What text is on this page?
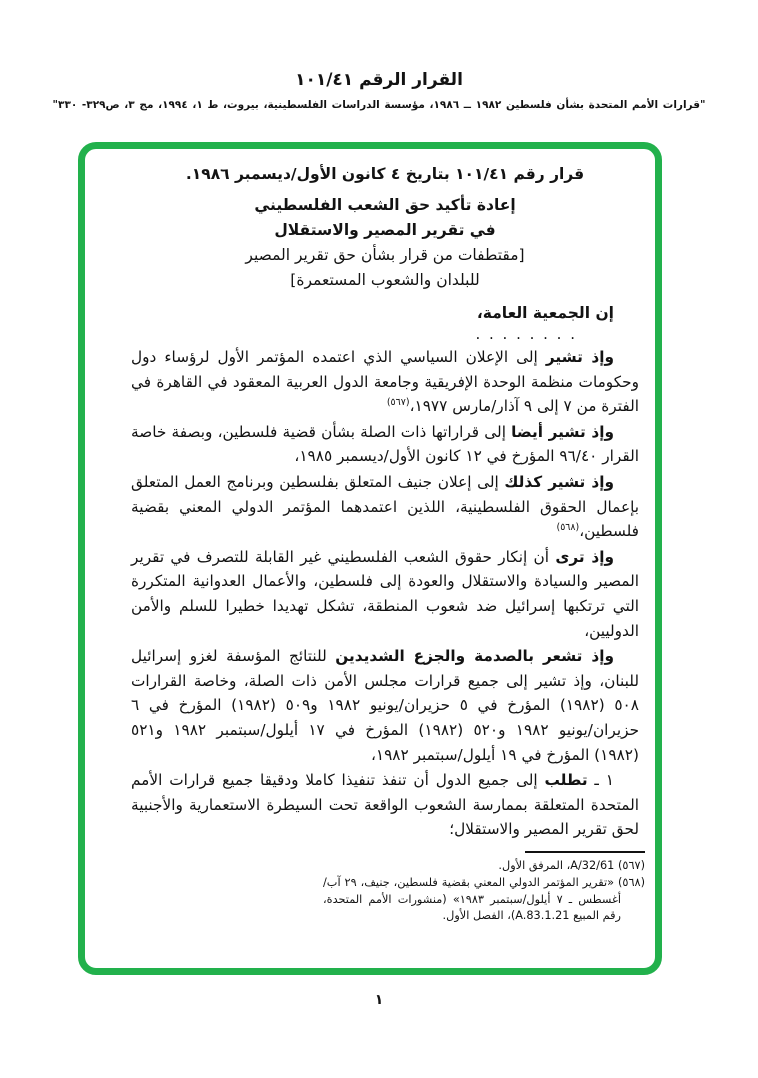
القرار الرقم ١٠١/٤١
"قرارات الأمم المتحدة بشأن فلسطين ١٩٨٢ ــ ١٩٨٦، مؤسسة الدراسات الفلسطينية، بيروت، ط ١، ١٩٩٤، مج ٣، ص٣٢٩- ٣٣٠"
قرار رقم ١٠١/٤١ بتاريخ ٤ كانون الأول/ديسمبر ١٩٨٦.
إعادة تأكيد حق الشعب الفلسطيني
في تقرير المصير والاستقلال
[مقتطفات من قرار بشأن حق تقرير المصير
للبلدان والشعوب المستعمرة]
إن الجمعية العامة،
. . . . . . . .

وإذ تشير إلى الإعلان السياسي الذي اعتمده المؤتمر الأول لرؤساء دول وحكومات منظمة الوحدة الإفريقية وجامعة الدول العربية المعقود في القاهرة في الفترة من ٧ إلى ٩ آذار/مارس ١٩٧٧،$^{(٥٦٧)}$

وإذ تشير أيضا إلى قراراتها ذات الصلة بشأن قضية فلسطين، وبصفة خاصة القرار ٩٦/٤٠ المؤرخ في ١٢ كانون الأول/ديسمبر ١٩٨٥،

وإذ تشير كذلك إلى إعلان جنيف المتعلق بفلسطين وبرنامج العمل المتعلق بإعمال الحقوق الفلسطينية، اللذين اعتمدهما المؤتمر الدولي المعني بقضية فلسطين،$^{(٥٦٨)}$

وإذ ترى أن إنكار حقوق الشعب الفلسطيني غير القابلة للتصرف في تقرير المصير والسيادة والاستقلال والعودة إلى فلسطين، والأعمال العدوانية المتكررة التي ترتكبها إسرائيل ضد شعوب المنطقة، تشكل تهديدا خطيرا للسلم والأمن الدوليين،

وإذ تشعر بالصدمة والجزع الشديدين للنتائج المؤسفة لغزو إسرائيل للبنان، وإذ تشير إلى جميع قرارات مجلس الأمن ذات الصلة، وخاصة القرارات ٥٠٨ (١٩٨٢) المؤرخ في ٥ حزيران/يونيو ١٩٨٢ و٥٠٩ (١٩٨٢) المؤرخ في ٦ حزيران/يونيو ١٩٨٢ و٥٢٠ (١٩٨٢) المؤرخ في ١٧ أيلول/سبتمبر ١٩٨٢ و٥٢١ (١٩٨٢) المؤرخ في ١٩ أيلول/سبتمبر ١٩٨٢،

١ ـ تطلب إلى جميع الدول أن تنفذ تنفيذا كاملا ودقيقا جميع قرارات الأمم المتحدة المتعلقة بممارسة الشعوب الواقعة تحت السيطرة الاستعمارية والأجنبية لحق تقرير المصير والاستقلال؛

(٥٦٧) A/32/61، المرفق الأول.
(٥٦٨) «تقرير المؤتمر الدولي المعني بقضية فلسطين، جنيف، ٢٩ آب/أغسطس ـ ٧ أيلول/سبتمبر ١٩٨٣» (منشورات الأمم المتحدة، رقم المبيع A.83.1.21)، الفصل الأول.
١
